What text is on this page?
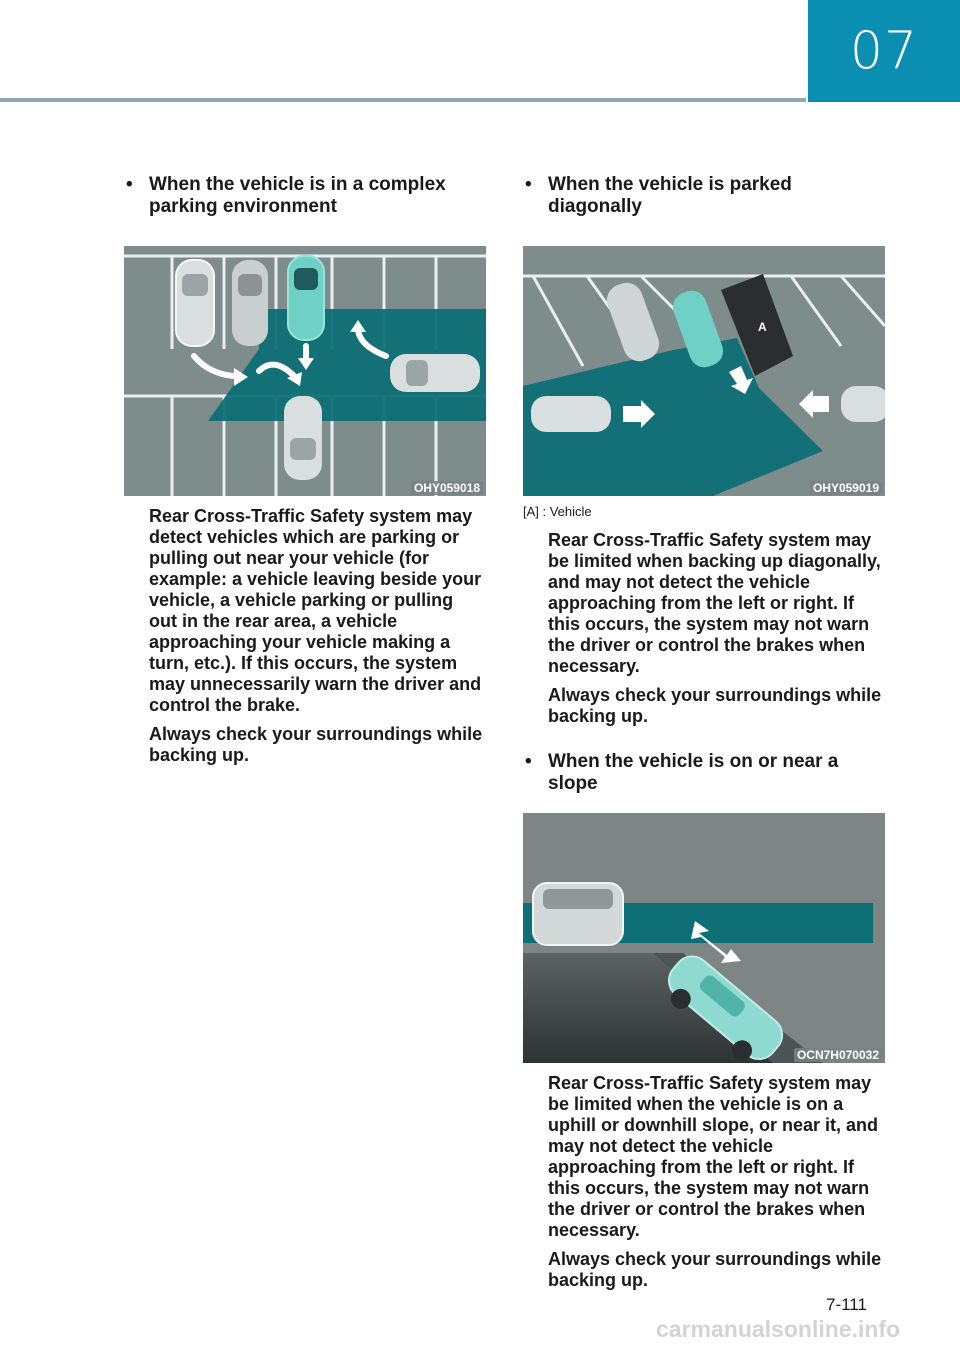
07
• When the vehicle is in a complex parking environment
OHY059018
Rear Cross-Traffic Safety system may detect vehicles which are parking or pulling out near your vehicle (for example: a vehicle leaving beside your vehicle, a vehicle parking or pulling out in the rear area, a vehicle approaching your vehicle making a turn, etc.). If this occurs, the system may unnecessarily warn the driver and control the brake.
Always check your surroundings while backing up.
• When the vehicle is parked diagonally
A
OHY059019
[A] : Vehicle
Rear Cross-Traffic Safety system may be limited when backing up diagonally, and may not detect the vehicle approaching from the left or right. If this occurs, the system may not warn the driver or control the brakes when necessary.
Always check your surroundings while backing up.
• When the vehicle is on or near a slope
OCN7H070032
Rear Cross-Traffic Safety system may be limited when the vehicle is on a uphill or downhill slope, or near it, and may not detect the vehicle approaching from the left or right. If this occurs, the system may not warn the driver or control the brakes when necessary.
Always check your surroundings while backing up.
7-111
carmanualsonline.info
